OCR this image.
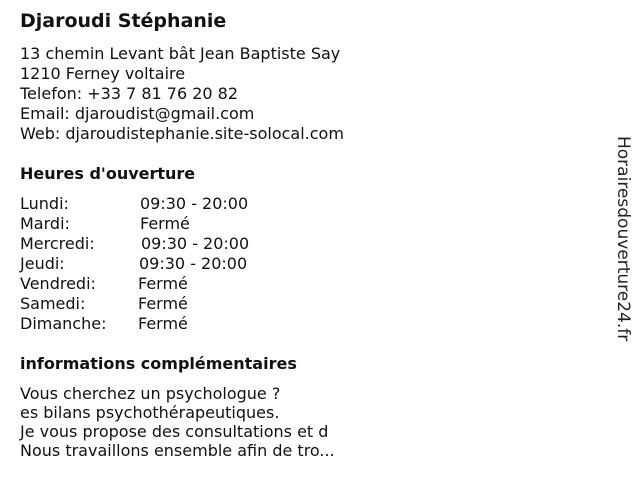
Djaroudi Stéphanie
13 chemin Levant bât Jean Baptiste Say
1210 Ferney voltaire
Telefon: +33 7 81 76 20 82
Email: djaroudist@gmail.com
Web: djaroudistephanie.site-solocal.com
Heures d'ouverture
Lundi:	09:30 - 20:00
Mardi:	Fermé
Mercredi:	09:30 - 20:00
Jeudi:	09:30 - 20:00
Vendredi:	Fermé
Samedi:	Fermé
Dimanche: Fermé
informations complémentaires
Vous cherchez un psychologue ?
es bilans psychothérapeutiques.
Je vous propose des consultations et d
Nous travaillons ensemble afin de tro...
Horairesdouverture24.fr
